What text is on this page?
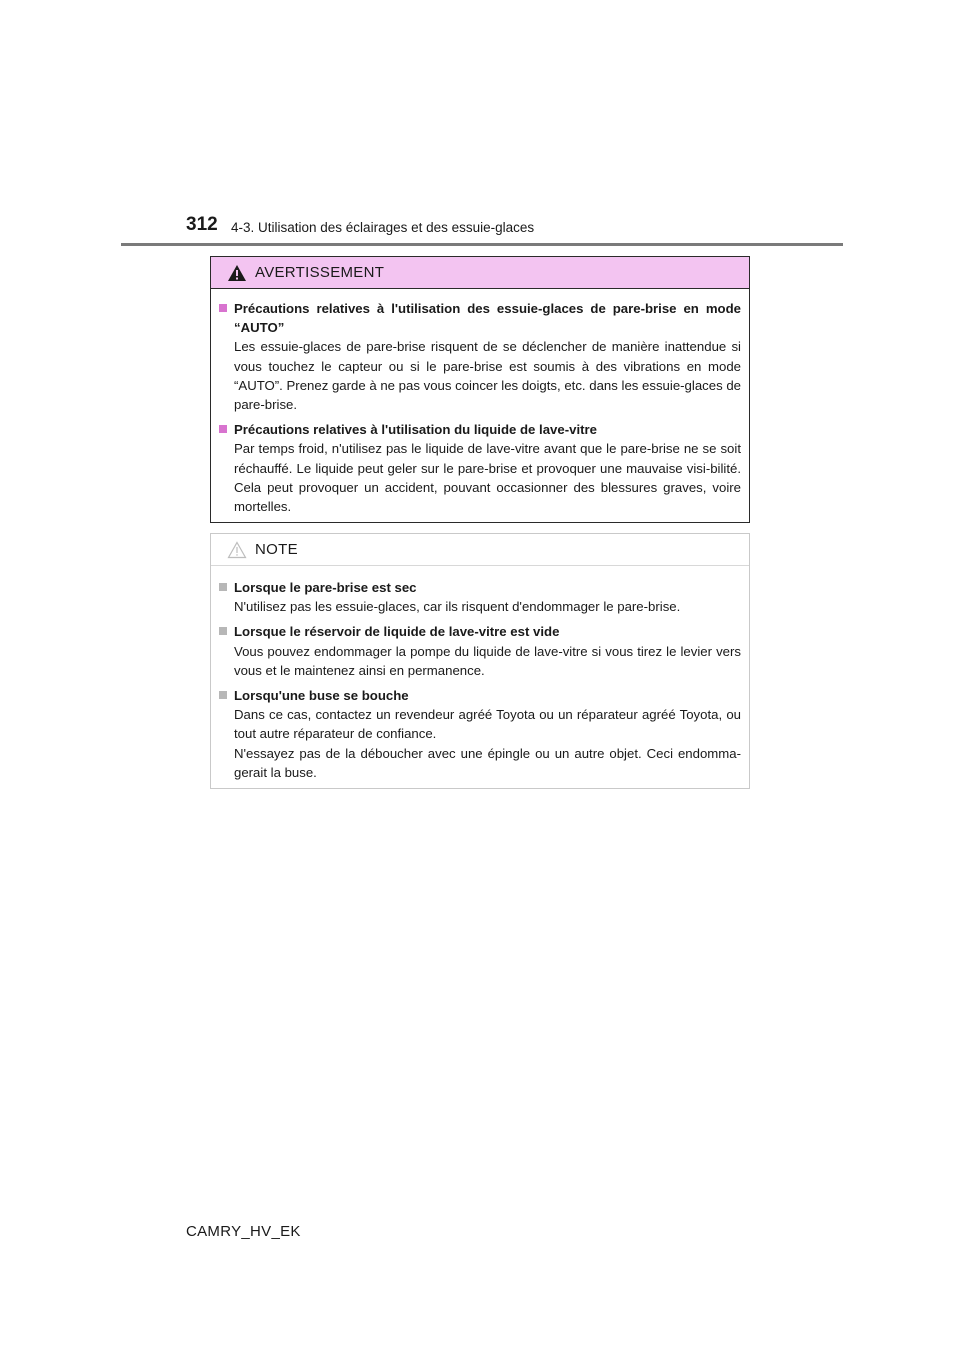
312 4-3. Utilisation des éclairages et des essuie-glaces
AVERTISSEMENT
Précautions relatives à l'utilisation des essuie-glaces de pare-brise en mode “AUTO”
Les essuie-glaces de pare-brise risquent de se déclencher de manière inattendue si vous touchez le capteur ou si le pare-brise est soumis à des vibrations en mode “AUTO”. Prenez garde à ne pas vous coincer les doigts, etc. dans les essuie-glaces de pare-brise.
Précautions relatives à l'utilisation du liquide de lave-vitre
Par temps froid, n'utilisez pas le liquide de lave-vitre avant que le pare-brise ne se soit réchauffé. Le liquide peut geler sur le pare-brise et provoquer une mauvaise visi-bilité. Cela peut provoquer un accident, pouvant occasionner des blessures graves, voire mortelles.
NOTE
Lorsque le pare-brise est sec
N'utilisez pas les essuie-glaces, car ils risquent d'endommager le pare-brise.
Lorsque le réservoir de liquide de lave-vitre est vide
Vous pouvez endommager la pompe du liquide de lave-vitre si vous tirez le levier vers vous et le maintenez ainsi en permanence.
Lorsqu'une buse se bouche
Dans ce cas, contactez un revendeur agréé Toyota ou un réparateur agréé Toyota, ou tout autre réparateur de confiance.
N'essayez pas de la déboucher avec une épingle ou un autre objet. Ceci endomma-gerait la buse.
CAMRY_HV_EK
